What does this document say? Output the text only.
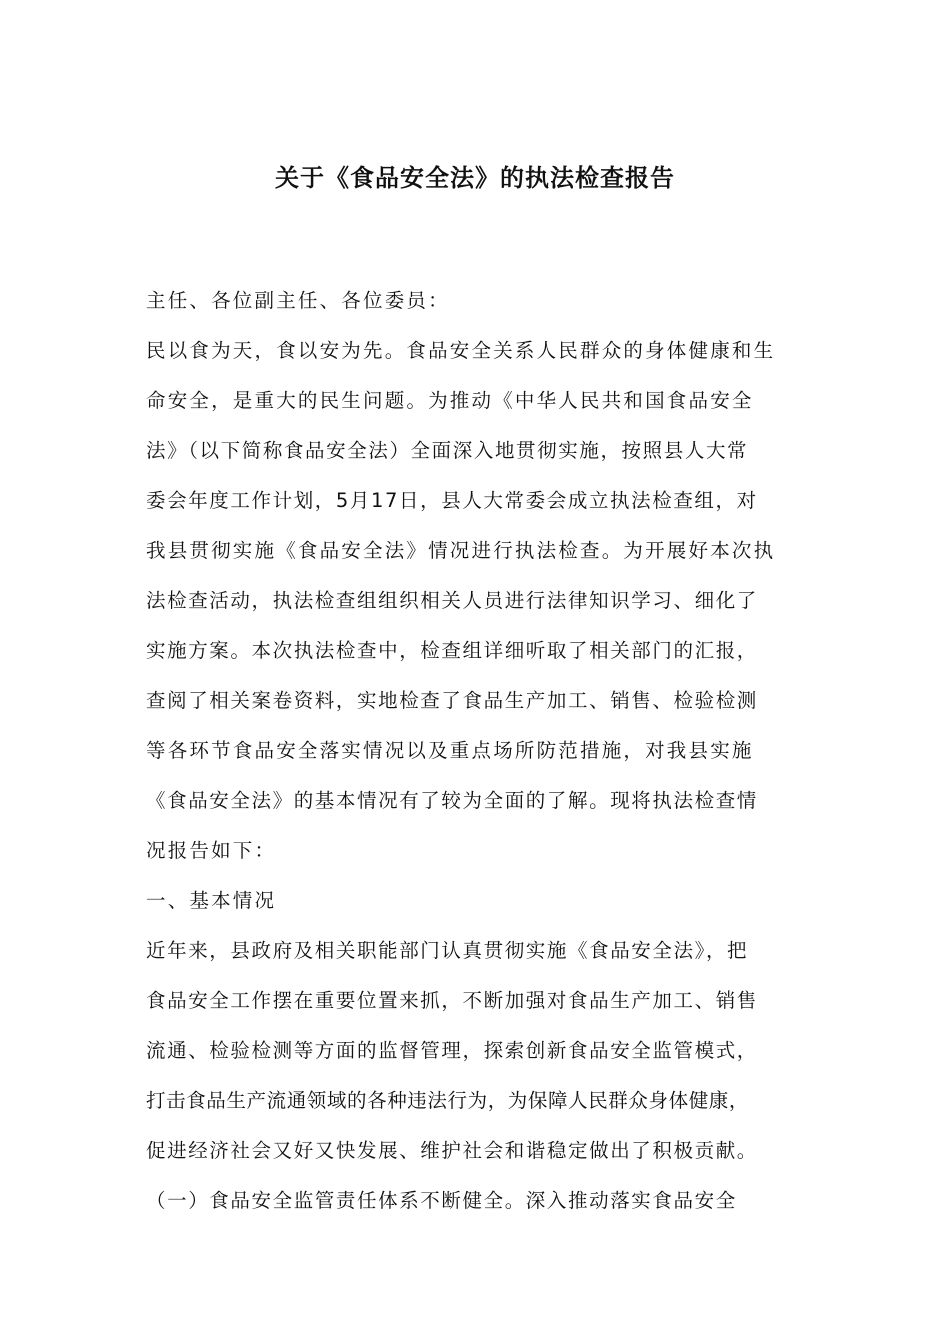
关于《食品安全法》的执法检查报告
主任、各位副主任、各位委员：
民以食为天，食以安为先。食品安全关系人民群众的身体健康和生
命安全，是重大的民生问题。为推动《中华人民共和国食品安全
法》（以下简称食品安全法）全面深入地贯彻实施，按照县人大常
委会年度工作计划，5月17日，县人大常委会成立执法检查组，对
我县贯彻实施《食品安全法》情况进行执法检查。为开展好本次执
法检查活动，执法检查组组织相关人员进行法律知识学习、细化了
实施方案。本次执法检查中，检查组详细听取了相关部门的汇报，
查阅了相关案卷资料，实地检查了食品生产加工、销售、检验检测
等各环节食品安全落实情况以及重点场所防范措施，对我县实施
《食品安全法》的基本情况有了较为全面的了解。现将执法检查情
况报告如下：
一、基本情况
近年来，县政府及相关职能部门认真贯彻实施《食品安全法》，把
食品安全工作摆在重要位置来抓，不断加强对食品生产加工、销售
流通、检验检测等方面的监督管理，探索创新食品安全监管模式，
打击食品生产流通领域的各种违法行为，为保障人民群众身体健康，
促进经济社会又好又快发展、维护社会和谐稳定做出了积极贡献。
（一）食品安全监管责任体系不断健全。深入推动落实食品安全
